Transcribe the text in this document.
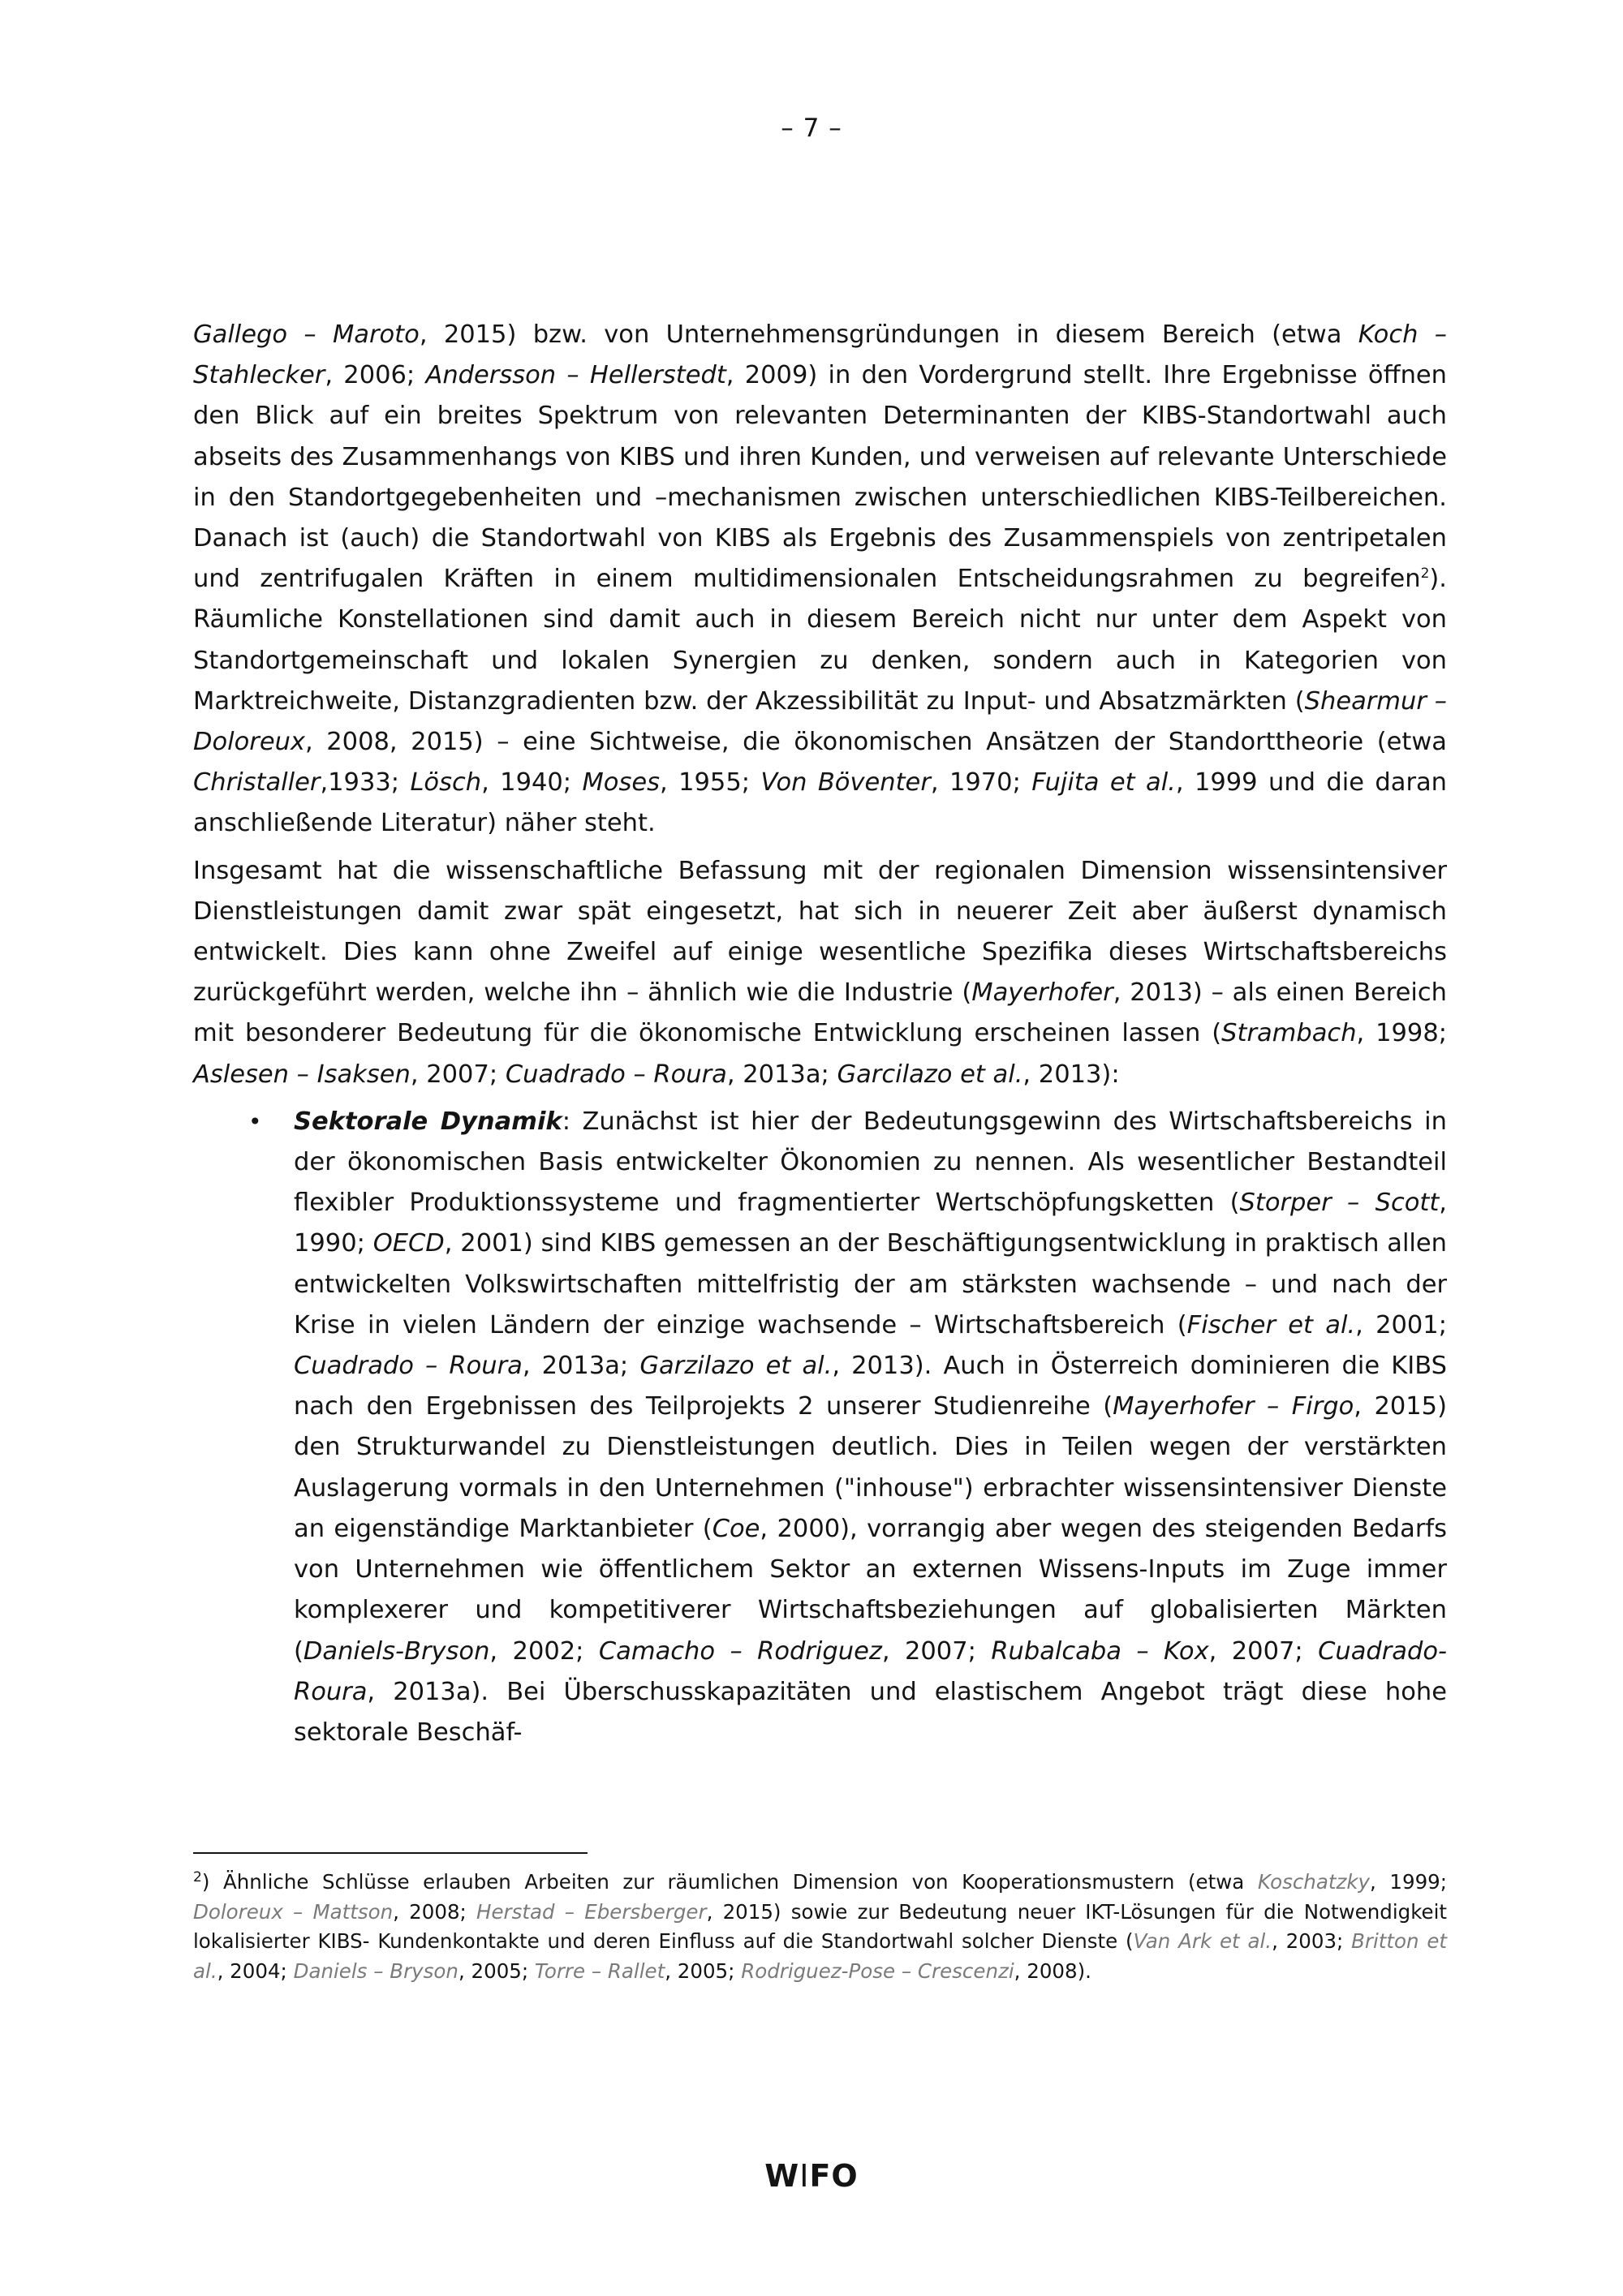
– 7 –

Gallego – Maroto, 2015) bzw. von Unternehmensgründungen in diesem Bereich (etwa Koch – Stahlecker, 2006; Andersson – Hellerstedt, 2009) in den Vordergrund stellt. Ihre Ergebnisse öffnen den Blick auf ein breites Spektrum von relevanten Determinanten der KIBS-Standortwahl auch abseits des Zusammenhangs von KIBS und ihren Kunden, und verweisen auf relevante Unterschiede in den Standortgegebenheiten und –mechanismen zwischen unterschiedlichen KIBS-Teilbereichen. Danach ist (auch) die Standortwahl von KIBS als Ergebnis des Zusammenspiels von zentripetalen und zentrifugalen Kräften in einem multidimensionalen Entscheidungsrahmen zu begreifen$^2$). Räumliche Konstellationen sind damit auch in diesem Bereich nicht nur unter dem Aspekt von Standortgemeinschaft und lokalen Synergien zu denken, sondern auch in Kategorien von Marktreichweite, Distanzgradienten bzw. der Akzessibilität zu Input- und Absatzmärkten (Shearmur – Doloreux, 2008, 2015) – eine Sichtweise, die ökonomischen Ansätzen der Standorttheorie (etwa Christaller,1933; Lösch, 1940; Moses, 1955; Von Böventer, 1970; Fujita et al., 1999 und die daran anschließende Literatur) näher steht.

Insgesamt hat die wissenschaftliche Befassung mit der regionalen Dimension wissensintensiver Dienstleistungen damit zwar spät eingesetzt, hat sich in neuerer Zeit aber äußerst dynamisch entwickelt. Dies kann ohne Zweifel auf einige wesentliche Spezifika dieses Wirtschaftsbereichs zurückgeführt werden, welche ihn – ähnlich wie die Industrie (Mayerhofer, 2013) – als einen Bereich mit besonderer Bedeutung für die ökonomische Entwicklung erscheinen lassen (Strambach, 1998; Aslesen – Isaksen, 2007; Cuadrado – Roura, 2013a; Garcilazo et al., 2013):

• Sektorale Dynamik: Zunächst ist hier der Bedeutungsgewinn des Wirtschaftsbereichs in der ökonomischen Basis entwickelter Ökonomien zu nennen. Als wesentlicher Bestandteil flexibler Produktionssysteme und fragmentierter Wertschöpfungsketten (Storper – Scott, 1990; OECD, 2001) sind KIBS gemessen an der Beschäftigungsentwicklung in praktisch allen entwickelten Volkswirtschaften mittelfristig der am stärksten wachsende – und nach der Krise in vielen Ländern der einzige wachsende – Wirtschaftsbereich (Fischer et al., 2001; Cuadrado – Roura, 2013a; Garzilazo et al., 2013). Auch in Österreich dominieren die KIBS nach den Ergebnissen des Teilprojekts 2 unserer Studienreihe (Mayerhofer – Firgo, 2015) den Strukturwandel zu Dienstleistungen deutlich. Dies in Teilen wegen der verstärkten Auslagerung vormals in den Unternehmen ("inhouse") erbrachter wissensintensiver Dienste an eigenständige Marktanbieter (Coe, 2000), vorrangig aber wegen des steigenden Bedarfs von Unternehmen wie öffentlichem Sektor an externen Wissens-Inputs im Zuge immer komplexerer und kompetitiverer Wirtschaftsbeziehungen auf globalisierten Märkten (Daniels-Bryson, 2002; Camacho – Rodriguez, 2007; Rubalcaba – Kox, 2007; Cuadrado-Roura, 2013a). Bei Überschusskapazitäten und elastischem Angebot trägt diese hohe sektorale Beschäf-

$^2$) Ähnliche Schlüsse erlauben Arbeiten zur räumlichen Dimension von Kooperationsmustern (etwa Koschatzky, 1999; Doloreux – Mattson, 2008; Herstad – Ebersberger, 2015) sowie zur Bedeutung neuer IKT-Lösungen für die Notwendigkeit lokalisierter KIBS- Kundenkontakte und deren Einfluss auf die Standortwahl solcher Dienste (Van Ark et al., 2003; Britton et al., 2004; Daniels – Bryson, 2005; Torre – Rallet, 2005; Rodriguez-Pose – Crescenzi, 2008).
WIFO
